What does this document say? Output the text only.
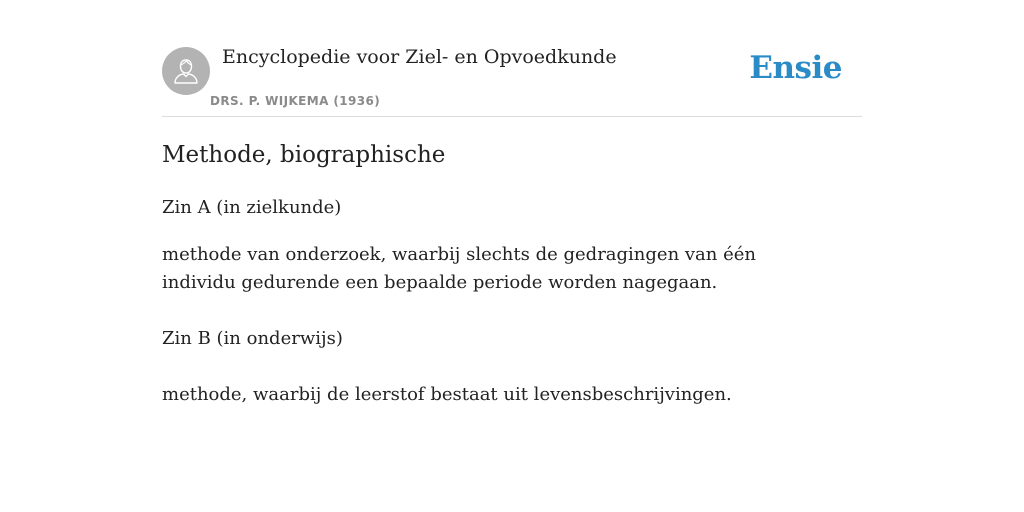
Encyclopedie voor Ziel- en Opvoedkunde
DRS. P. WIJKEMA (1936)
Ensie
Methode, biographische
Zin A (in zielkunde)
methode van onderzoek, waarbij slechts de gedragingen van één individu gedurende een bepaalde periode worden nagegaan.
Zin B (in onderwijs)
methode, waarbij de leerstof bestaat uit levensbeschrijvingen.
